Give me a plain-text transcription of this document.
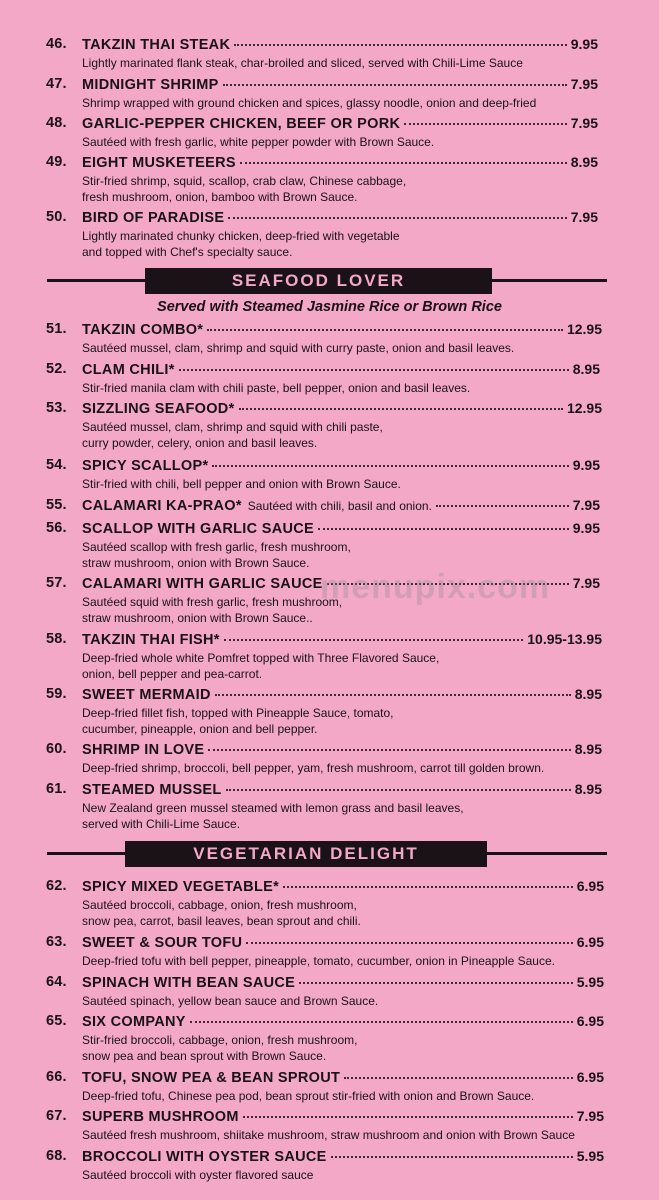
46. TAKZIN THAI STEAK	9.95
Lightly marinated flank steak, char-broiled and sliced, served with Chili-Lime Sauce
47. MIDNIGHT SHRIMP	7.95
Shrimp wrapped with ground chicken and spices, glassy noodle, onion and deep-fried
48. GARLIC-PEPPER CHICKEN, BEEF OR PORK	7.95
Sautéed with fresh garlic, white pepper powder with Brown Sauce.
49. EIGHT MUSKETEERS	8.95
Stir-fried shrimp, squid, scallop, crab claw, Chinese cabbage,
fresh mushroom, onion, bamboo with Brown Sauce.
50. BIRD OF PARADISE	7.95
Lightly marinated chunky chicken, deep-fried with vegetable
and topped with Chef's specialty sauce.
SEAFOOD LOVER
Served with Steamed Jasmine Rice or Brown Rice
51. TAKZIN COMBO*	12.95
Sautéed mussel, clam, shrimp and squid with curry paste, onion and basil leaves.
52. CLAM CHILI*	8.95
Stir-fried manila clam with chili paste, bell pepper, onion and basil leaves.
53. SIZZLING SEAFOOD*	12.95
Sautéed mussel, clam, shrimp and squid with chili paste,
curry powder, celery, onion and basil leaves.
54. SPICY SCALLOP*	9.95
Stir-fried with chili, bell pepper and onion with Brown Sauce.
55. CALAMARI KA-PRAO* Sautéed with chili, basil and onion.	7.95
56. SCALLOP WITH GARLIC SAUCE	9.95
Sautéed scallop with fresh garlic, fresh mushroom,
straw mushroom, onion with Brown Sauce.
57. CALAMARI WITH GARLIC SAUCE	7.95
Sautéed squid with fresh garlic, fresh mushroom,
straw mushroom, onion with Brown Sauce..
58. TAKZIN THAI FISH*	10.95-13.95
Deep-fried whole white Pomfret topped with Three Flavored Sauce,
onion, bell pepper and pea-carrot.
59. SWEET MERMAID	8.95
Deep-fried fillet fish, topped with Pineapple Sauce, tomato,
cucumber, pineapple, onion and bell pepper.
60. SHRIMP IN LOVE	8.95
Deep-fried shrimp, broccoli, bell pepper, yam, fresh mushroom, carrot till golden brown.
61. STEAMED MUSSEL	8.95
New Zealand green mussel steamed with lemon grass and basil leaves,
served with Chili-Lime Sauce.
VEGETARIAN DELIGHT
62. SPICY MIXED VEGETABLE*	6.95
Sautéed broccoli, cabbage, onion, fresh mushroom,
snow pea, carrot, basil leaves, bean sprout and chili.
63. SWEET & SOUR TOFU	6.95
Deep-fried tofu with bell pepper, pineapple, tomato, cucumber, onion in Pineapple Sauce.
64. SPINACH WITH BEAN SAUCE	5.95
Sautéed spinach, yellow bean sauce and Brown Sauce.
65. SIX COMPANY	6.95
Stir-fried broccoli, cabbage, onion, fresh mushroom,
snow pea and bean sprout with Brown Sauce.
66. TOFU, SNOW PEA & BEAN SPROUT	6.95
Deep-fried tofu, Chinese pea pod, bean sprout stir-fried with onion and Brown Sauce.
67. SUPERB MUSHROOM	7.95
Sautéed fresh mushroom, shiitake mushroom, straw mushroom and onion with Brown Sauce
68. BROCCOLI WITH OYSTER SAUCE	5.95
Sautéed broccoli with oyster flavored sauce
menupix.com
